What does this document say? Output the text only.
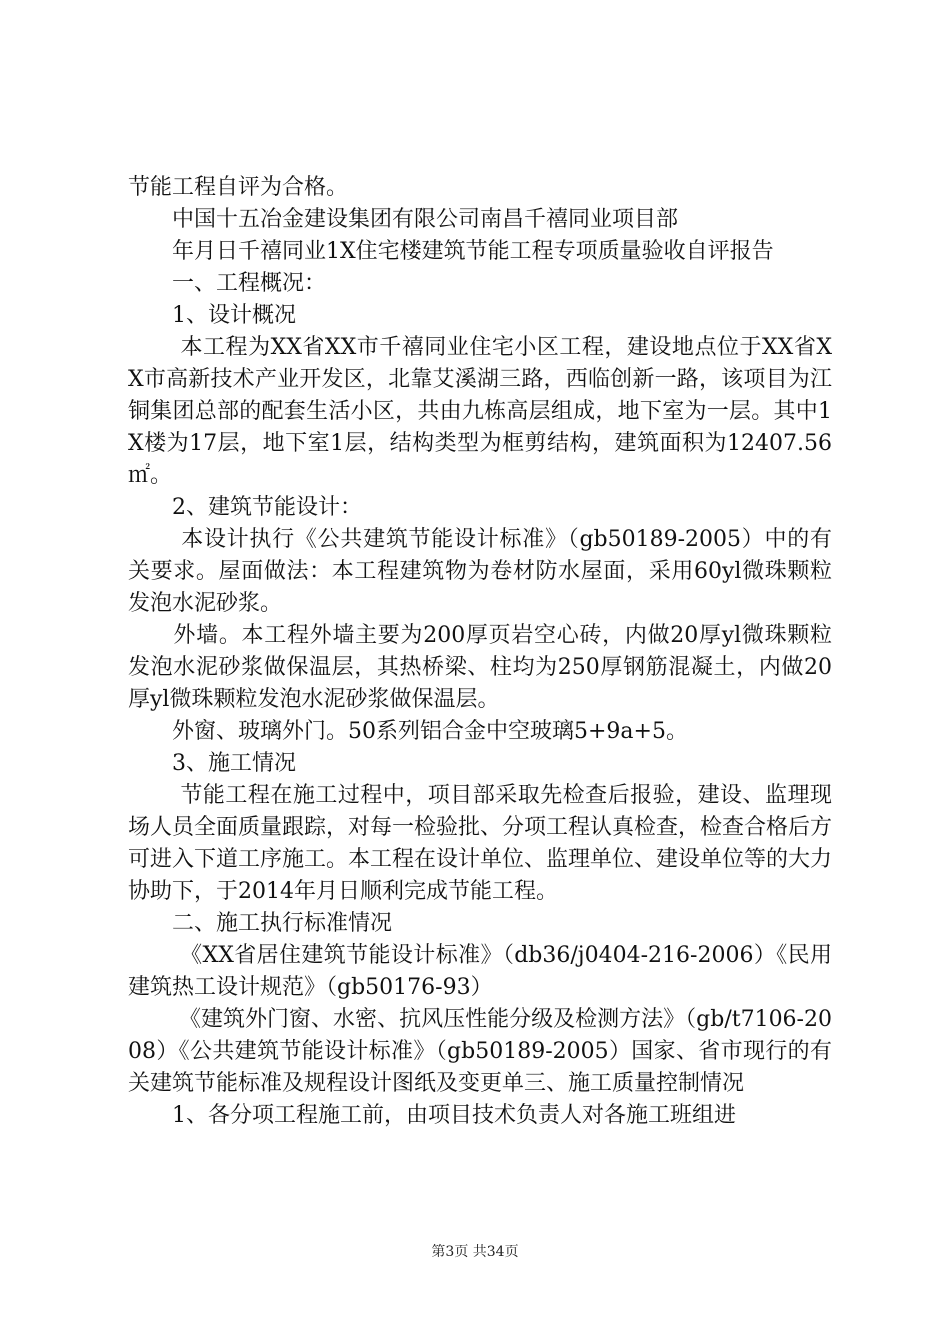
节能工程自评为合格。

　　中国十五冶金建设集团有限公司南昌千禧同业项目部

　　年月日千禧同业1X住宅楼建筑节能工程专项质量验收自评报告

　　一、工程概况：

　　1、设计概况

　　 本工程为XX省XX市千禧同业住宅小区工程，建设地点位于XX省XX市高新技术产业开发区，北靠艾溪湖三路，西临创新一路，该项目为江铜集团总部的配套生活小区，共由九栋高层组成，地下室为一层。其中1X楼为17层，地下室1层，结构类型为框剪结构，建筑面积为12407.56㎡。

　　2、建筑节能设计：

　　 本设计执行《公共建筑节能设计标准》（gb50189-2005）中的有关要求。屋面做法：本工程建筑物为卷材防水屋面，采用60yl微珠颗粒发泡水泥砂浆。

　　外墙。本工程外墙主要为200厚页岩空心砖，内做20厚yl微珠颗粒发泡水泥砂浆做保温层，其热桥梁、柱均为250厚钢筋混凝土，内做20厚yl微珠颗粒发泡水泥砂浆做保温层。

　　外窗、玻璃外门。50系列铝合金中空玻璃5+9a+5。

　　3、施工情况

　　 节能工程在施工过程中，项目部采取先检查后报验，建设、监理现场人员全面质量跟踪，对每一检验批、分项工程认真检查，检查合格后方可进入下道工序施工。本工程在设计单位、监理单位、建设单位等的大力协助下，于2014年月日顺利完成节能工程。

　　二、施工执行标准情况

　　 《XX省居住建筑节能设计标准》（db36/j0404-216-2006）《民用建筑热工设计规范》（gb50176-93）

　　 《建筑外门窗、水密、抗风压性能分级及检测方法》（gb/t7106-2008）《公共建筑节能设计标准》（gb50189-2005）国家、省市现行的有关建筑节能标准及规程设计图纸及变更单三、施工质量控制情况

　　1、各分项工程施工前，由项目技术负责人对各施工班组进

第3页 共34页
